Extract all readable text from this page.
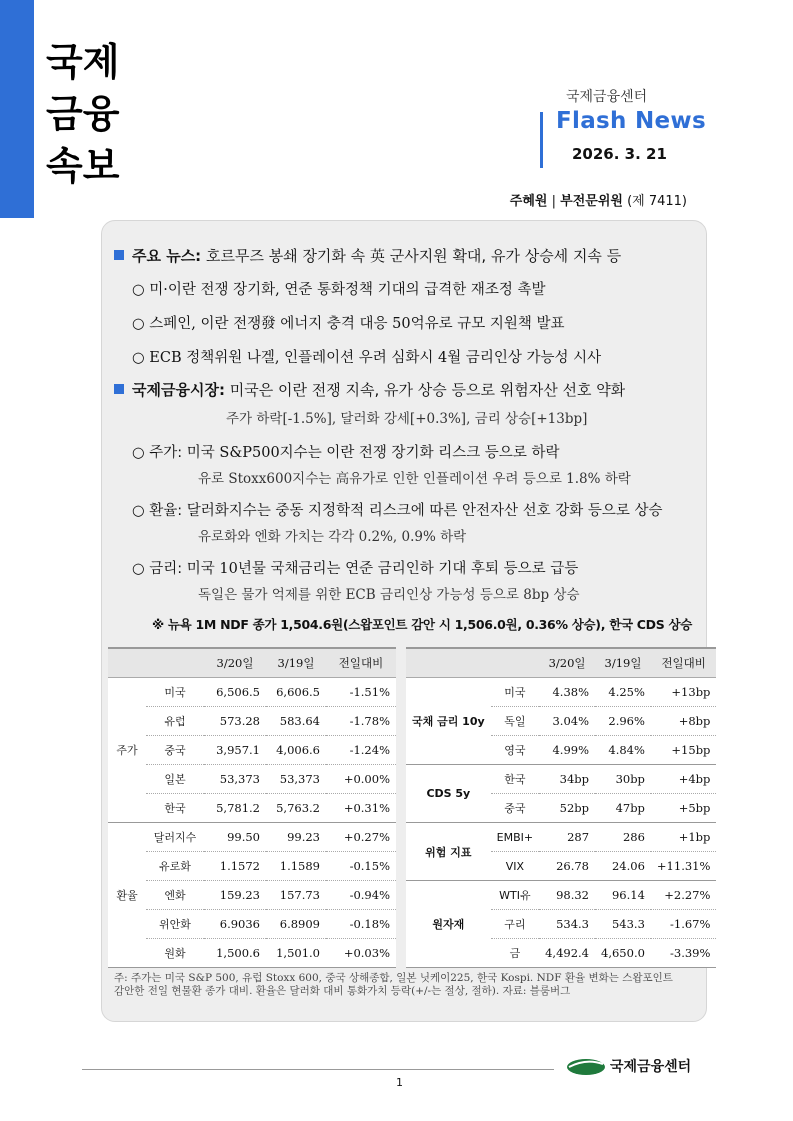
국제
금융
속보
국제금융센터
Flash News
2026. 3. 21
주혜원 | 부전문위원 (제 7411)
주요 뉴스: 호르무즈 봉쇄 장기화 속 英 군사지원 확대, 유가 상승세 지속 등
○ 미·이란 전쟁 장기화, 연준 통화정책 기대의 급격한 재조정 촉발
○ 스페인, 이란 전쟁發 에너지 충격 대응 50억유로 규모 지원책 발표
○ ECB 정책위원 나겔, 인플레이션 우려 심화시 4월 금리인상 가능성 시사
국제금융시장: 미국은 이란 전쟁 지속, 유가 상승 등으로 위험자산 선호 약화
주가 하락[-1.5%], 달러화 강세[+0.3%], 금리 상승[+13bp]
○ 주가: 미국 S&P500지수는 이란 전쟁 장기화 리스크 등으로 하락
유로 Stoxx600지수는 高유가로 인한 인플레이션 우려 등으로 1.8% 하락
○ 환율: 달러화지수는 중동 지정학적 리스크에 따른 안전자산 선호 강화 등으로 상승
유로화와 엔화 가치는 각각 0.2%, 0.9% 하락
○ 금리: 미국 10년물 국채금리는 연준 금리인하 기대 후퇴 등으로 급등
독일은 물가 억제를 위한 ECB 금리인상 가능성 등으로 8bp 상승
※ 뉴욕 1M NDF 종가 1,504.6원(스왑포인트 감안 시 1,506.0원, 0.36% 상승), 한국 CDS 상승
		3/20일	3/19일	전일대비
주가	미국	6,506.5	6,606.5	-1.51%
	유럽	573.28	583.64	-1.78%
	중국	3,957.1	4,006.6	-1.24%
	일본	53,373	53,373	+0.00%
	한국	5,781.2	5,763.2	+0.31%
환율	달러지수	99.50	99.23	+0.27%
	유로화	1.1572	1.1589	-0.15%
	엔화	159.23	157.73	-0.94%
	위안화	6.9036	6.8909	-0.18%
	원화	1,500.6	1,501.0	+0.03%
		3/20일	3/19일	전일대비
국채 금리 10y	미국	4.38%	4.25%	+13bp
	독일	3.04%	2.96%	+8bp
	영국	4.99%	4.84%	+15bp
CDS 5y	한국	34bp	30bp	+4bp
	중국	52bp	47bp	+5bp
위험 지표	EMBI+	287	286	+1bp
	VIX	26.78	24.06	+11.31%
원자재	WTI유	98.32	96.14	+2.27%
	구리	534.3	543.3	-1.67%
	금	4,492.4	4,650.0	-3.39%
주: 주가는 미국 S&P 500, 유럽 Stoxx 600, 중국 상해종합, 일본 닛케이225, 한국 Kospi. NDF 환율 변화는 스왑포인트 감안한 전일 현물환 종가 대비. 환율은 달러화 대비 통화가치 등락(+/-는 절상, 절하). 자료: 블룸버그
1
국제금융센터
